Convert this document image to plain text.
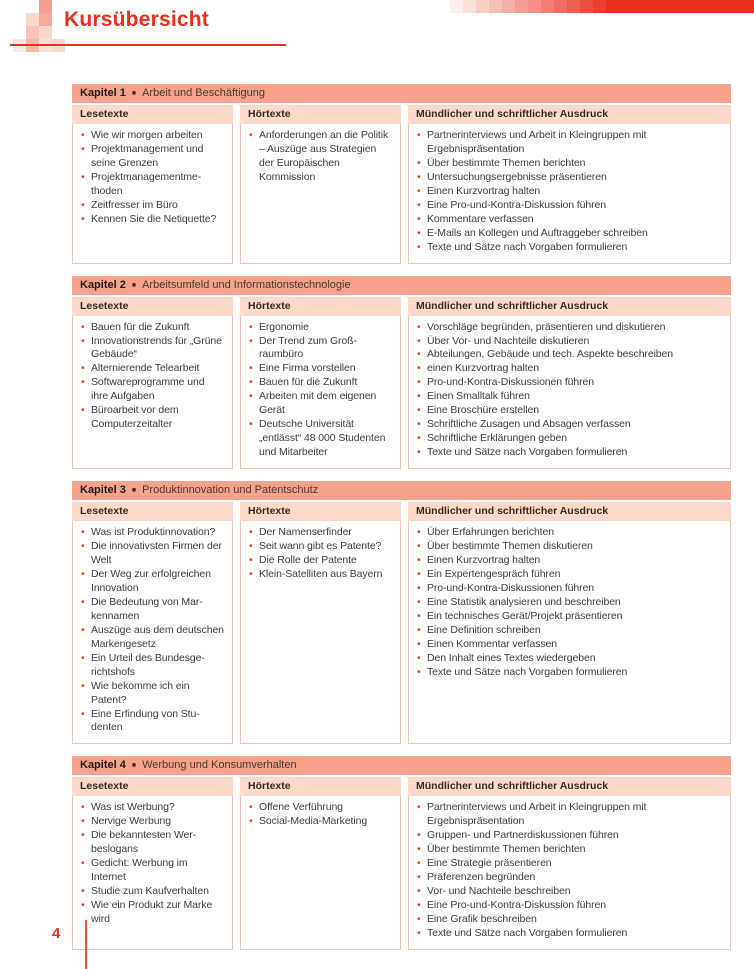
Kursübersicht
Kapitel 1 ■ Arbeit und Beschäftigung
Lesetexte
• Wie wir morgen arbeiten
• Projektmanagement und seine Grenzen
• Projektmanagementmethoden
• Zeitfresser im Büro
• Kennen Sie die Netiquette?
Hörtexte
• Anforderungen an die Politik – Auszüge aus Strategien der Europäischen Kommission
Mündlicher und schriftlicher Ausdruck
• Partnerinterviews und Arbeit in Kleingruppen mit Ergebnispräsentation
• Über bestimmte Themen berichten
• Untersuchungsergebnisse präsentieren
• Einen Kurzvortrag halten
• Eine Pro-und-Kontra-Diskussion führen
• Kommentare verfassen
• E-Mails an Kollegen und Auftraggeber schreiben
• Texte und Sätze nach Vorgaben formulieren
Kapitel 2 ■ Arbeitsumfeld und Informationstechnologie
Lesetexte
• Bauen für die Zukunft
• Innovationstrends für „Grüne Gebäude“
• Alternierende Telearbeit
• Softwareprogramme und ihre Aufgaben
• Büroarbeit vor dem Computerzeitalter
Hörtexte
• Ergonomie
• Der Trend zum Großraumbüro
• Eine Firma vorstellen
• Bauen für die Zukunft
• Arbeiten mit dem eigenen Gerät
• Deutsche Universität „entlässt“ 48 000 Studenten und Mitarbeiter
Mündlicher und schriftlicher Ausdruck
• Vorschläge begründen, präsentieren und diskutieren
• Über Vor- und Nachteile diskutieren
• Abteilungen, Gebäude und tech. Aspekte beschreiben
• einen Kurzvortrag halten
• Pro-und-Kontra-Diskussionen führen
• Einen Smalltalk führen
• Eine Broschüre erstellen
• Schriftliche Zusagen und Absagen verfassen
• Schriftliche Erklärungen geben
• Texte und Sätze nach Vorgaben formulieren
Kapitel 3 ■ Produktinnovation und Patentschutz
Lesetexte
• Was ist Produktinnovation?
• Die innovativsten Firmen der Welt
• Der Weg zur erfolgreichen Innovation
• Die Bedeutung von Markennamen
• Auszüge aus dem deutschen Markengesetz
• Ein Urteil des Bundesgerichtshofs
• Wie bekomme ich ein Patent?
• Eine Erfindung von Studenten
Hörtexte
• Der Namenserfinder
• Seit wann gibt es Patente?
• Die Rolle der Patente
• Klein-Satelliten aus Bayern
Mündlicher und schriftlicher Ausdruck
• Über Erfahrungen berichten
• Über bestimmte Themen diskutieren
• Einen Kurzvortrag halten
• Ein Expertengespräch führen
• Pro-und-Kontra-Diskussionen führen
• Eine Statistik analysieren und beschreiben
• Ein technisches Gerät/Projekt präsentieren
• Eine Definition schreiben
• Einen Kommentar verfassen
• Den Inhalt eines Textes wiedergeben
• Texte und Sätze nach Vorgaben formulieren
Kapitel 4 ■ Werbung und Konsumverhalten
Lesetexte
• Was ist Werbung?
• Nervige Werbung
• Die bekanntesten Werbeslogans
• Gedicht: Werbung im Internet
• Studie zum Kaufverhalten
• Wie ein Produkt zur Marke wird
Hörtexte
• Offene Verführung
• Social-Media-Marketing
Mündlicher und schriftlicher Ausdruck
• Partnerinterviews und Arbeit in Kleingruppen mit Ergebnispräsentation
• Gruppen- und Partnerdiskussionen führen
• Über bestimmte Themen berichten
• Eine Strategie präsentieren
• Präferenzen begründen
• Vor- und Nachteile beschreiben
• Eine Pro-und-Kontra-Diskussion führen
• Eine Grafik beschreiben
• Texte und Sätze nach Vorgaben formulieren
4
